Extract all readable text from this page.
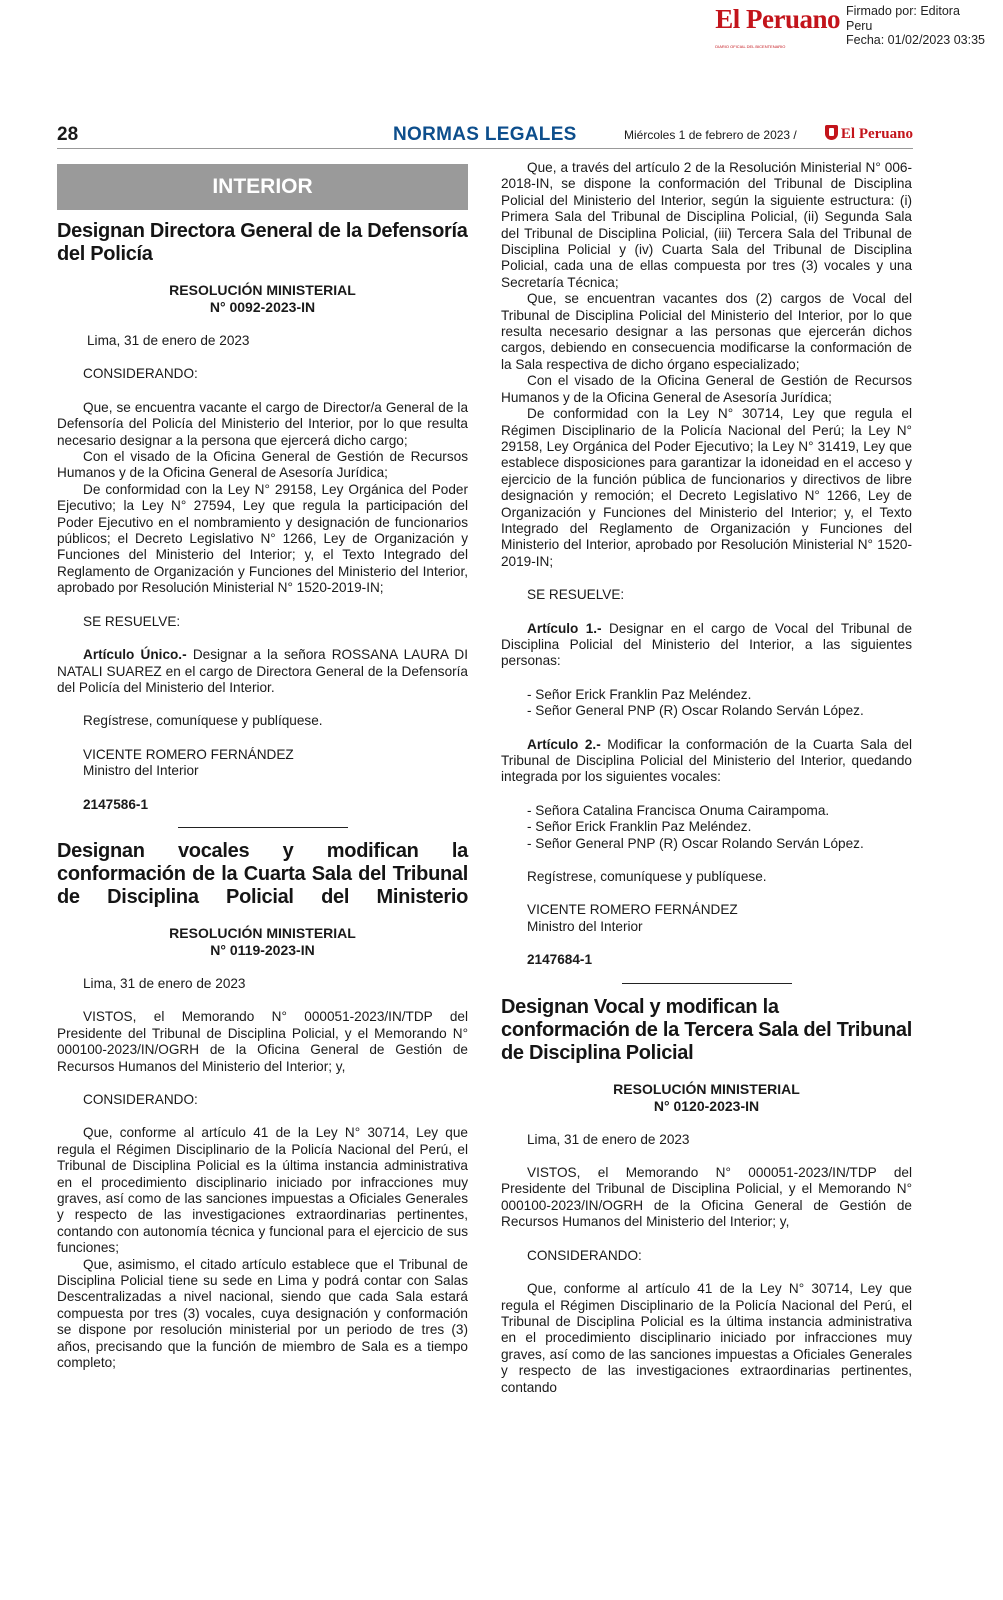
El Peruano
DIARIO OFICIAL DEL BICENTENARIO
Firmado por: Editora
Peru
Fecha: 01/02/2023 03:35
28	NORMAS LEGALES	Miércoles 1 de febrero de 2023 /	El Peruano
INTERIOR
Designan Directora General de la Defensoría del Policía
RESOLUCIÓN MINISTERIAL
N° 0092-2023-IN

Lima, 31 de enero de 2023

CONSIDERANDO:

Que, se encuentra vacante el cargo de Director/a General de la Defensoría del Policía del Ministerio del Interior, por lo que resulta necesario designar a la persona que ejercerá dicho cargo;

Con el visado de la Oficina General de Gestión de Recursos Humanos y de la Oficina General de Asesoría Jurídica;

De conformidad con la Ley N° 29158, Ley Orgánica del Poder Ejecutivo; la Ley N° 27594, Ley que regula la participación del Poder Ejecutivo en el nombramiento y designación de funcionarios públicos; el Decreto Legislativo N° 1266, Ley de Organización y Funciones del Ministerio del Interior; y, el Texto Integrado del Reglamento de Organización y Funciones del Ministerio del Interior, aprobado por Resolución Ministerial N° 1520-2019-IN;

SE RESUELVE:

Artículo Único.- Designar a la señora ROSSANA LAURA DI NATALI SUAREZ en el cargo de Directora General de la Defensoría del Policía del Ministerio del Interior.

Regístrese, comuníquese y publíquese.

VICENTE ROMERO FERNÁNDEZ

Ministro del Interior

2147586-1

Designan vocales y modifican la conformación de la Cuarta Sala del Tribunal de Disciplina Policial del Ministerio
RESOLUCIÓN MINISTERIAL
N° 0119-2023-IN

Lima, 31 de enero de 2023

VISTOS, el Memorando N° 000051-2023/IN/TDP del Presidente del Tribunal de Disciplina Policial, y el Memorando N° 000100-2023/IN/OGRH de la Oficina General de Gestión de Recursos Humanos del Ministerio del Interior; y,

CONSIDERANDO:

Que, conforme al artículo 41 de la Ley N° 30714, Ley que regula el Régimen Disciplinario de la Policía Nacional del Perú, el Tribunal de Disciplina Policial es la última instancia administrativa en el procedimiento disciplinario iniciado por infracciones muy graves, así como de las sanciones impuestas a Oficiales Generales y respecto de las investigaciones extraordinarias pertinentes, contando con autonomía técnica y funcional para el ejercicio de sus funciones;

Que, asimismo, el citado artículo establece que el Tribunal de Disciplina Policial tiene su sede en Lima y podrá contar con Salas Descentralizadas a nivel nacional, siendo que cada Sala estará compuesta por tres (3) vocales, cuya designación y conformación se dispone por resolución ministerial por un periodo de tres (3) años, precisando que la función de miembro de Sala es a tiempo completo;

Que, a través del artículo 2 de la Resolución Ministerial N° 006-2018-IN, se dispone la conformación del Tribunal de Disciplina Policial del Ministerio del Interior, según la siguiente estructura: (i) Primera Sala del Tribunal de Disciplina Policial, (ii) Segunda Sala del Tribunal de Disciplina Policial, (iii) Tercera Sala del Tribunal de Disciplina Policial y (iv) Cuarta Sala del Tribunal de Disciplina Policial, cada una de ellas compuesta por tres (3) vocales y una Secretaría Técnica;

Que, se encuentran vacantes dos (2) cargos de Vocal del Tribunal de Disciplina Policial del Ministerio del Interior, por lo que resulta necesario designar a las personas que ejercerán dichos cargos, debiendo en consecuencia modificarse la conformación de la Sala respectiva de dicho órgano especializado;

Con el visado de la Oficina General de Gestión de Recursos Humanos y de la Oficina General de Asesoría Jurídica;

De conformidad con la Ley N° 30714, Ley que regula el Régimen Disciplinario de la Policía Nacional del Perú; la Ley N° 29158, Ley Orgánica del Poder Ejecutivo; la Ley N° 31419, Ley que establece disposiciones para garantizar la idoneidad en el acceso y ejercicio de la función pública de funcionarios y directivos de libre designación y remoción; el Decreto Legislativo N° 1266, Ley de Organización y Funciones del Ministerio del Interior; y, el Texto Integrado del Reglamento de Organización y Funciones del Ministerio del Interior, aprobado por Resolución Ministerial N° 1520-2019-IN;

SE RESUELVE:

Artículo 1.- Designar en el cargo de Vocal del Tribunal de Disciplina Policial del Ministerio del Interior, a las siguientes personas:

- Señor Erick Franklin Paz Meléndez.

- Señor General PNP (R) Oscar Rolando Serván López.

Artículo 2.- Modificar la conformación de la Cuarta Sala del Tribunal de Disciplina Policial del Ministerio del Interior, quedando integrada por los siguientes vocales:

- Señora Catalina Francisca Onuma Cairampoma.

- Señor Erick Franklin Paz Meléndez.

- Señor General PNP (R) Oscar Rolando Serván López.

Regístrese, comuníquese y publíquese.

VICENTE ROMERO FERNÁNDEZ

Ministro del Interior

2147684-1

Designan Vocal y modifican la conformación de la Tercera Sala del Tribunal de Disciplina Policial
RESOLUCIÓN MINISTERIAL
N° 0120-2023-IN

Lima, 31 de enero de 2023

VISTOS, el Memorando N° 000051-2023/IN/TDP del Presidente del Tribunal de Disciplina Policial, y el Memorando N° 000100-2023/IN/OGRH de la Oficina General de Gestión de Recursos Humanos del Ministerio del Interior; y,

CONSIDERANDO:

Que, conforme al artículo 41 de la Ley N° 30714, Ley que regula el Régimen Disciplinario de la Policía Nacional del Perú, el Tribunal de Disciplina Policial es la última instancia administrativa en el procedimiento disciplinario iniciado por infracciones muy graves, así como de las sanciones impuestas a Oficiales Generales y respecto de las investigaciones extraordinarias pertinentes, contando
